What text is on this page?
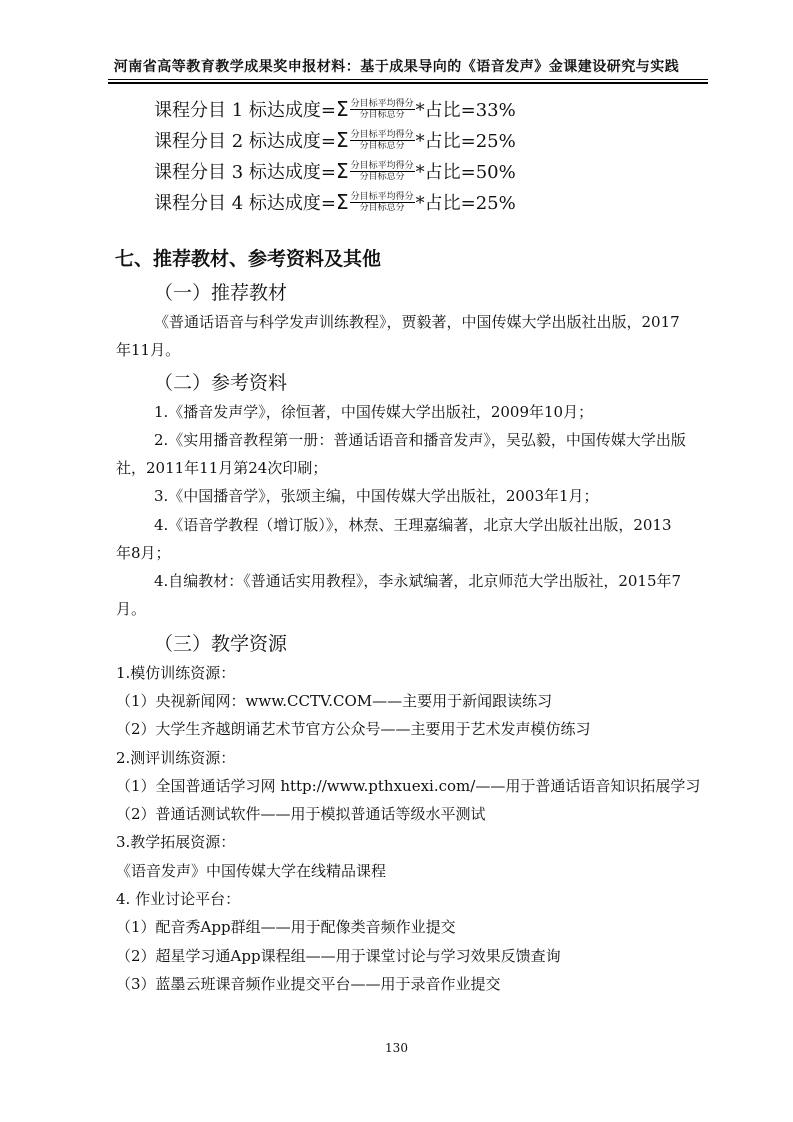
河南省高等教育教学成果奖申报材料：基于成果导向的《语音发声》金课建设研究与实践
课程分目 1 标达成度= Σ $\frac{\text{分目标平均得分}}{\text{分目标总分}}$ *占比=33%
课程分目 2 标达成度= Σ $\frac{\text{分目标平均得分}}{\text{分目标总分}}$ *占比=25%
课程分目 3 标达成度= Σ $\frac{\text{分目标平均得分}}{\text{分目标总分}}$ *占比=50%
课程分目 4 标达成度= Σ $\frac{\text{分目标平均得分}}{\text{分目标总分}}$ *占比=25%
七、推荐教材、参考资料及其他
（一）推荐教材
《普通话语音与科学发声训练教程》，贾毅著，中国传媒大学出版社出版，2017
年11月。
（二）参考资料
1.《播音发声学》，徐恒著，中国传媒大学出版社，2009年10月；
2.《实用播音教程第一册：普通话语音和播音发声》，吴弘毅，中国传媒大学出版
社，2011年11月第24次印刷；
3.《中国播音学》，张颂主编，中国传媒大学出版社，2003年1月；
4.《语音学教程（增订版）》，林焘、王理嘉编著，北京大学出版社出版，2013
年8月；
4.自编教材：《普通话实用教程》，李永斌编著，北京师范大学出版社，2015年7
月。
（三）教学资源
1.模仿训练资源：
（1）央视新闻网：www.CCTV.COM——主要用于新闻跟读练习
（2）大学生齐越朗诵艺术节官方公众号——主要用于艺术发声模仿练习
2.测评训练资源：
（1）全国普通话学习网 http://www.pthxuexi.com/——用于普通话语音知识拓展学习
（2）普通话测试软件——用于模拟普通话等级水平测试
3.教学拓展资源：
《语音发声》中国传媒大学在线精品课程
4. 作业讨论平台：
（1）配音秀App群组——用于配像类音频作业提交
（2）超星学习通App课程组——用于课堂讨论与学习效果反馈查询
（3）蓝墨云班课音频作业提交平台——用于录音作业提交
130
